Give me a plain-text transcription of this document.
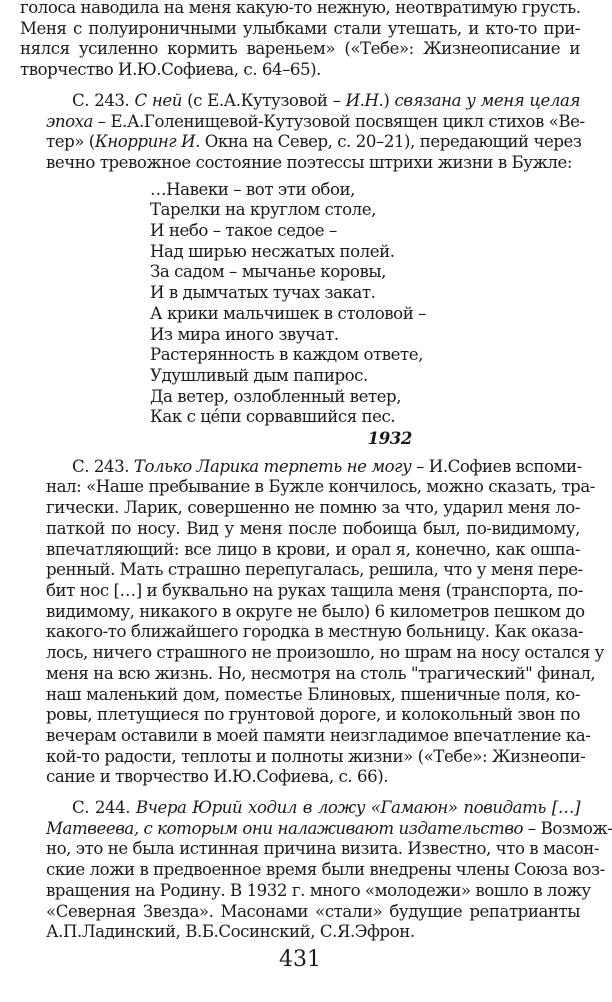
голоса наводила на меня какую-то нежную, неотвратимую грусть.
Меня с полуироничными улыбками стали утешать, и кто-то при-
нялся усиленно кормить вареньем» («Тебе»: Жизнеописание и
творчество И.Ю.Софиева, с. 64–65).
С. 243. С ней (с Е.А.Кутузовой – И.Н.) связана у меня целая
эпоха – Е.А.Голенищевой-Кутузовой посвящен цикл стихов «Ве-
тер» (Кнорринг И. Окна на Север, с. 20–21), передающий через
вечно тревожное состояние поэтессы штрихи жизни в Бужле:
…Навеки – вот эти обои,
Тарелки на круглом столе,
И небо – такое седое –
Над ширью несжатых полей.
За садом – мычанье коровы,
И в дымчатых тучах закат.
А крики мальчишек в столовой –
Из мира иного звучат.
Растерянность в каждом ответе,
Удушливый дым папирос.
Да ветер, озлобленный ветер,
Как с цéпи сорвавшийся пес.
1932
С. 243. Только Ларика терпеть не могу – И.Софиев вспоми-
нал: «Наше пребывание в Бужле кончилось, можно сказать, тра-
гически. Ларик, совершенно не помню за что, ударил меня ло-
паткой по носу. Вид у меня после побоища был, по-видимому,
впечатляющий: все лицо в крови, и орал я, конечно, как ошпа-
ренный. Мать страшно перепугалась, решила, что у меня пере-
бит нос […] и буквально на руках тащила меня (транспорта, по-
видимому, никакого в округе не было) 6 километров пешком до
какого-то ближайшего городка в местную больницу. Как оказа-
лось, ничего страшного не произошло, но шрам на носу остался у
меня на всю жизнь. Но, несмотря на столь "трагический" финал,
наш маленький дом, поместье Блиновых, пшеничные поля, ко-
ровы, плетущиеся по грунтовой дороге, и колокольный звон по
вечерам оставили в моей памяти неизгладимое впечатление ка-
кой-то радости, теплоты и полноты жизни» («Тебе»: Жизнеопи-
сание и творчество И.Ю.Софиева, с. 66).
С. 244. Вчера Юрий ходил в ложу «Гамаюн» повидать […]
Матвеева, с которым они налаживают издательство – Возмож-
но, это не была истинная причина визита. Известно, что в масон-
ские ложи в предвоенное время были внедрены члены Союза воз-
вращения на Родину. В 1932 г. много «молодежи» вошло в ложу
«Северная Звезда». Масонами «стали» будущие репатрианты
А.П.Ладинский, В.Б.Сосинский, С.Я.Эфрон.
431
